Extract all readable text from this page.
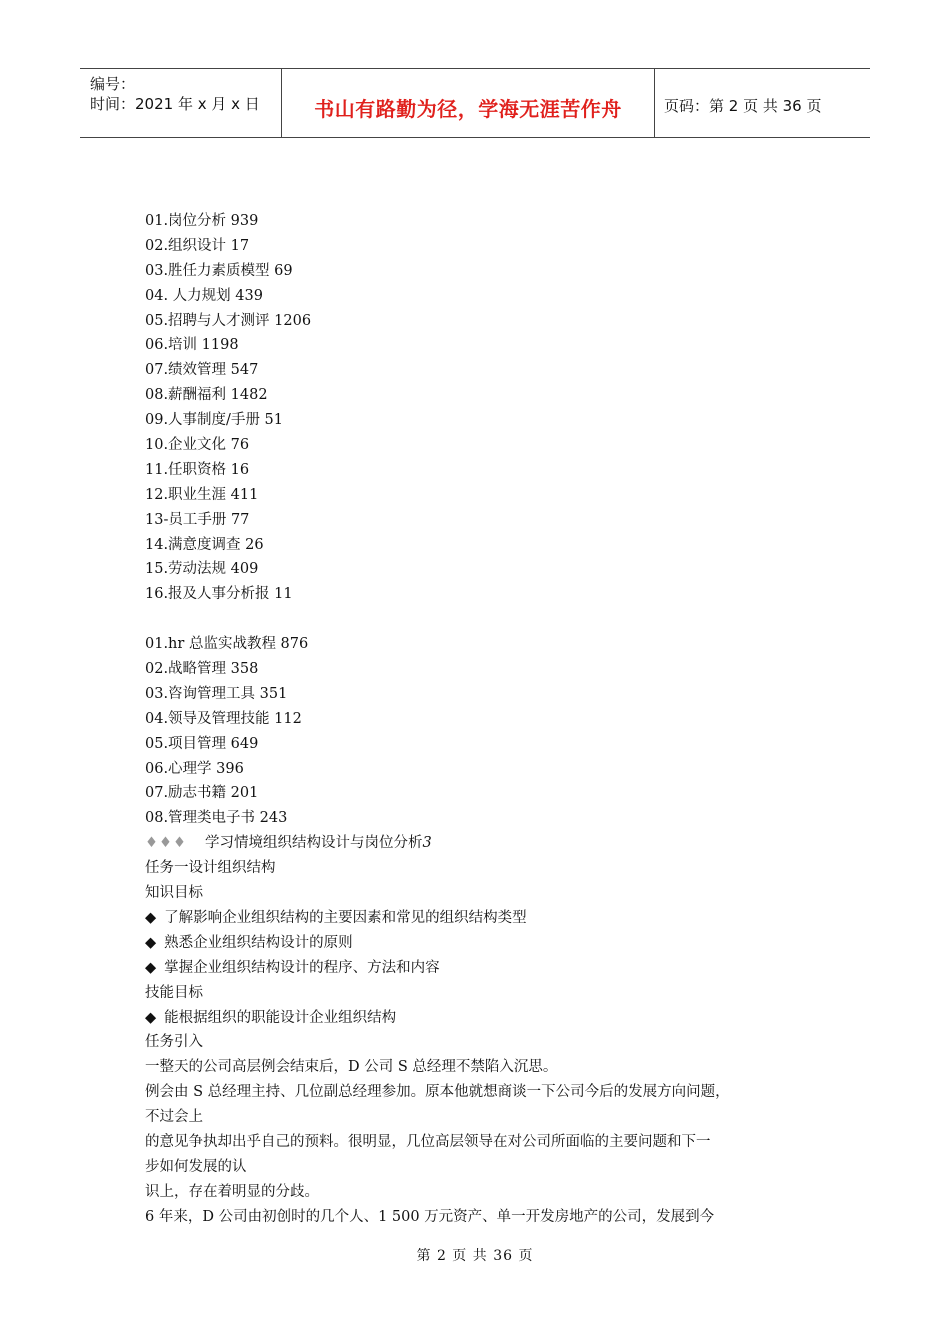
编号：
时间：2021 年 x 月 x 日	书山有路勤为径，学海无涯苦作舟	页码：第 2 页 共 36 页
01.岗位分析 939
02.组织设计 17
03.胜任力素质模型 69
04. 人力规划 439
05.招聘与人才测评 1206
06.培训 1198
07.绩效管理 547
08.薪酬福利 1482
09.人事制度/手册 51
10.企业文化 76
11.任职资格 16
12.职业生涯 411
13-员工手册 77
14.满意度调查 26
15.劳动法规 409
16.报及人事分析报 11
01.hr 总监实战教程 876
02.战略管理 358
03.咨询管理工具 351
04.领导及管理技能 112
05.项目管理 649
06.心理学 396
07.励志书籍 201
08.管理类电子书 243
♦♦♦ 学习情境组织结构设计与岗位分析3
任务一设计组织结构
知识目标
◆ 了解影响企业组织结构的主要因素和常见的组织结构类型
◆ 熟悉企业组织结构设计的原则
◆ 掌握企业组织结构设计的程序、方法和内容
技能目标
◆ 能根据组织的职能设计企业组织结构
任务引入
一整天的公司高层例会结束后，D 公司 S 总经理不禁陷入沉思。
例会由 S 总经理主持、几位副总经理参加。原本他就想商谈一下公司今后的发展方向问题，
不过会上
的意见争执却出乎自己的预料。很明显，几位高层领导在对公司所面临的主要问题和下一
步如何发展的认
识上，存在着明显的分歧。
6 年来，D 公司由初创时的几个人、1 500 万元资产、单一开发房地产的公司，发展到今
第 2 页 共 36 页
